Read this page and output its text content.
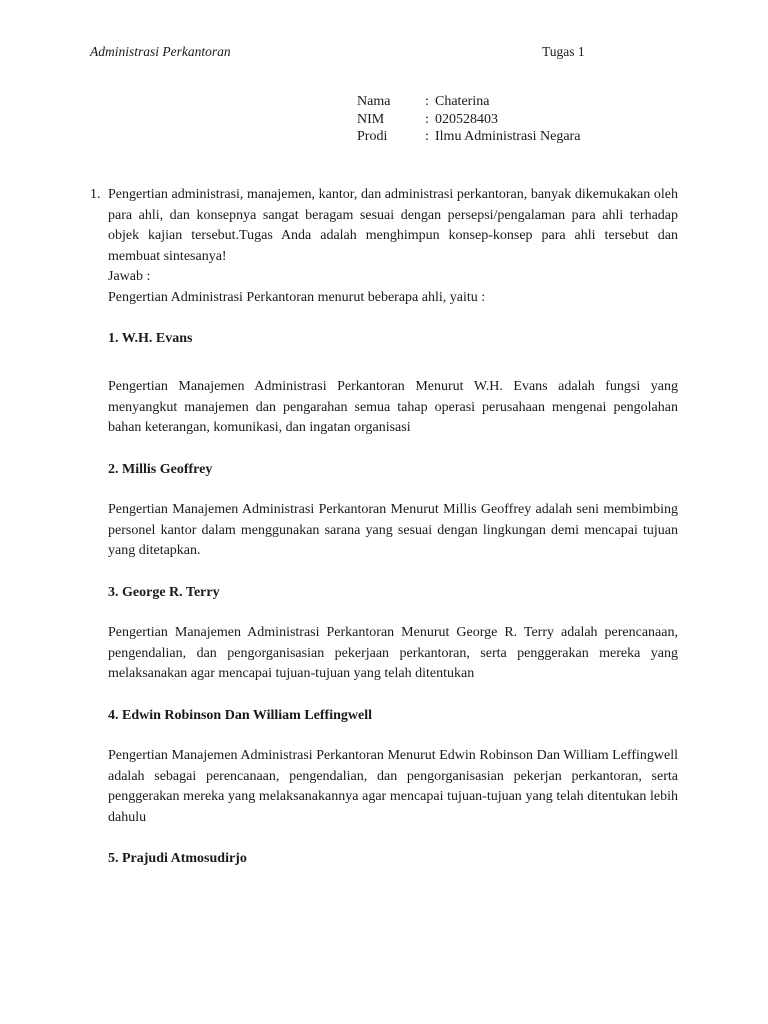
Administrasi Perkantoran	Tugas 1
Nama	: Chaterina
NIM	: 020528403
Prodi	: Ilmu Administrasi Negara
1. Pengertian administrasi, manajemen, kantor, dan administrasi perkantoran, banyak dikemukakan oleh para ahli, dan konsepnya sangat beragam sesuai dengan persepsi/pengalaman para ahli terhadap objek kajian tersebut.Tugas Anda adalah menghimpun konsep-konsep para ahli tersebut dan membuat sintesanya!
Jawab :
Pengertian Administrasi Perkantoran menurut beberapa ahli, yaitu :
1. W.H. Evans
Pengertian Manajemen Administrasi Perkantoran Menurut W.H. Evans adalah fungsi yang menyangkut manajemen dan pengarahan semua tahap operasi perusahaan mengenai pengolahan bahan keterangan, komunikasi, dan ingatan organisasi
2. Millis Geoffrey
Pengertian Manajemen Administrasi Perkantoran Menurut Millis Geoffrey adalah seni membimbing personel kantor dalam menggunakan sarana yang sesuai dengan lingkungan demi mencapai tujuan yang ditetapkan.
3. George R. Terry
Pengertian Manajemen Administrasi Perkantoran Menurut George R. Terry adalah perencanaan, pengendalian, dan pengorganisasian pekerjaan perkantoran, serta penggerakan mereka yang melaksanakan agar mencapai tujuan-tujuan yang telah ditentukan
4. Edwin Robinson Dan William Leffingwell
Pengertian Manajemen Administrasi Perkantoran Menurut Edwin Robinson Dan William Leffingwell adalah sebagai perencanaan, pengendalian, dan pengorganisasian pekerjan perkantoran, serta penggerakan mereka yang melaksanakannya agar mencapai tujuan-tujuan yang telah ditentukan lebih dahulu
5. Prajudi Atmosudirjo
